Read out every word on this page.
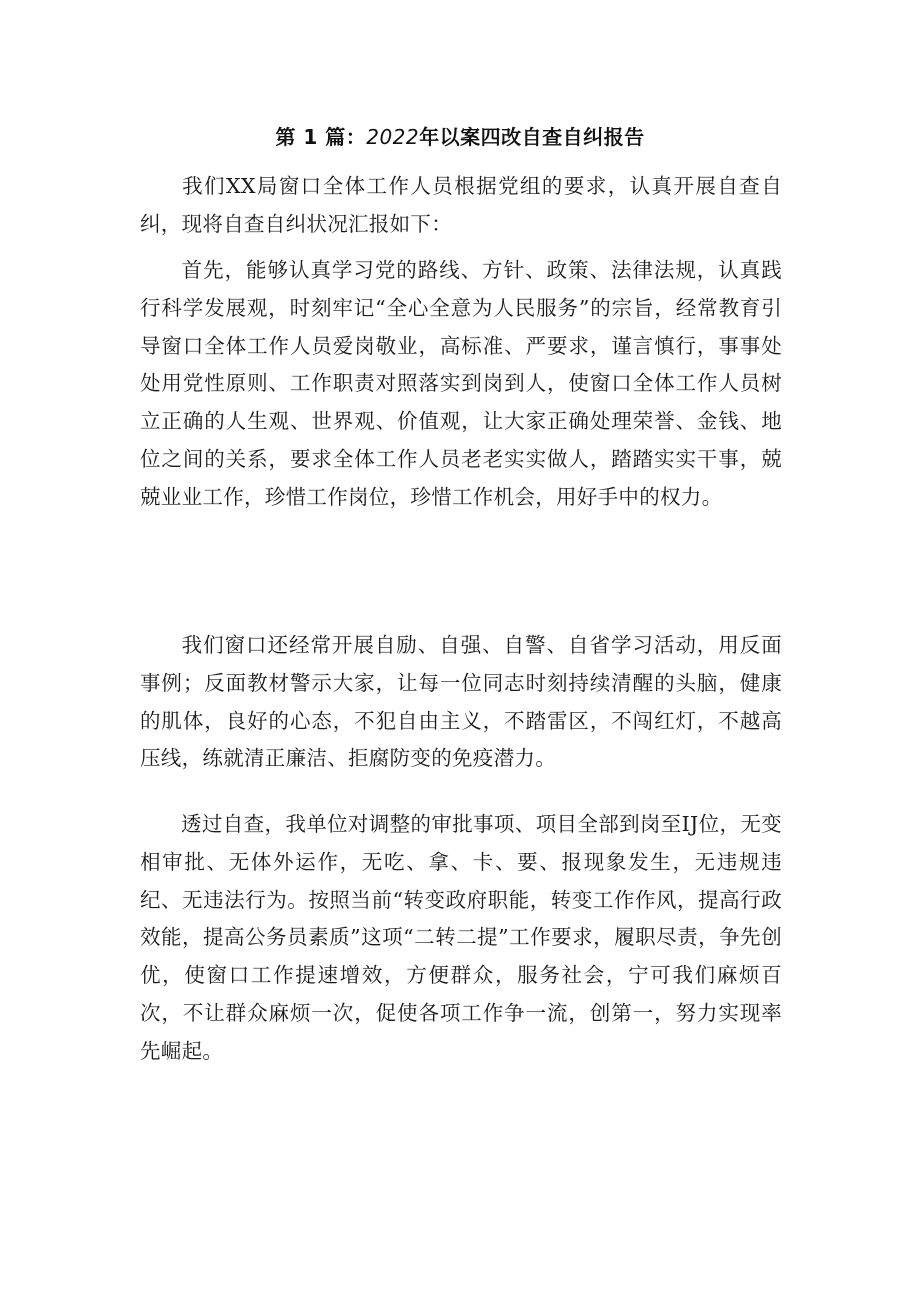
第 1 篇：2022年以案四改自查自纠报告

我们XX局窗口全体工作人员根据党组的要求，认真开展自查自纠，现将自查自纠状况汇报如下：

首先，能够认真学习党的路线、方针、政策、法律法规，认真践行科学发展观，时刻牢记“全心全意为人民服务”的宗旨，经常教育引导窗口全体工作人员爱岗敬业，高标准、严要求，谨言慎行，事事处处用党性原则、工作职责对照落实到岗到人，使窗口全体工作人员树立正确的人生观、世界观、价值观，让大家正确处理荣誉、金钱、地位之间的关系，要求全体工作人员老老实实做人，踏踏实实干事，兢兢业业工作，珍惜工作岗位，珍惜工作机会，用好手中的权力。

我们窗口还经常开展自励、自强、自警、自省学习活动，用反面事例；反面教材警示大家，让每一位同志时刻持续清醒的头脑，健康的肌体，良好的心态，不犯自由主义，不踏雷区，不闯红灯，不越高压线，练就清正廉洁、拒腐防变的免疫潜力。

透过自查，我单位对调整的审批事项、项目全部到岗至IJ位，无变相审批、无体外运作，无吃、拿、卡、要、报现象发生，无违规违纪、无违法行为。按照当前“转变政府职能，转变工作作风，提高行政效能，提高公务员素质”这项“二转二提”工作要求，履职尽责，争先创优，使窗口工作提速增效，方便群众，服务社会，宁可我们麻烦百次，不让群众麻烦一次，促使各项工作争一流，创第一，努力实现率先崛起。
